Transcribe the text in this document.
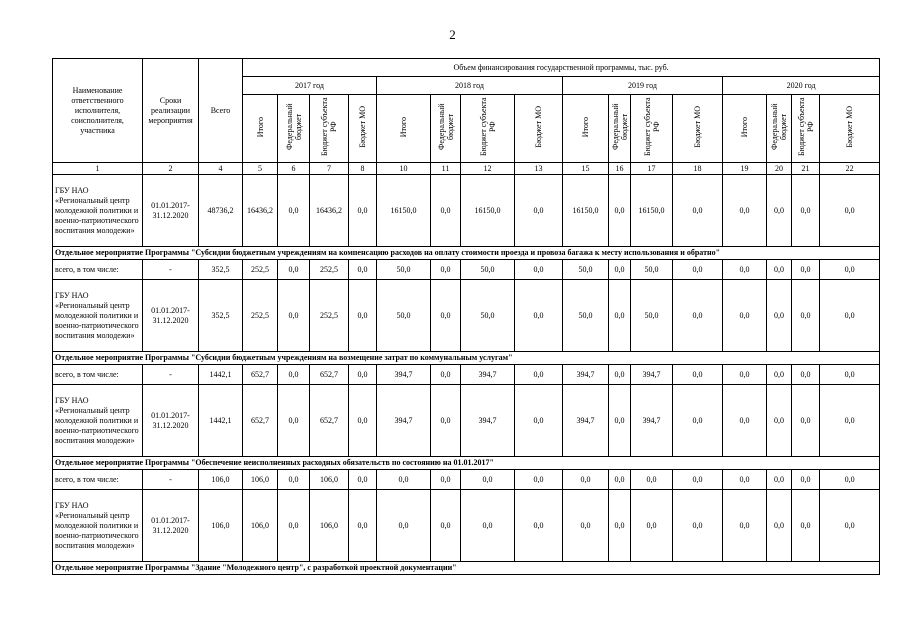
2
Наименование ответственного исполнителя, соисполнителя, участника	Сроки реализации мероприятия	Всего	Объем финансирования государственной программы, тыс. руб.															
			2017 год				2018 год				2019 год				2020 год			
			Итого	Федеральный бюджет	Бюджет субъекта РФ	Бюджет МО	Итого	Федеральный бюджет	Бюджет субъекта РФ	Бюджет МО	Итого	Федеральный бюджет	Бюджет субъекта РФ	Бюджет МО	Итого	Федеральный бюджет	Бюджет субъекта РФ	Бюджет МО
1	2	4	5	6	7	8	10	11	12	13	15	16	17	18	19	20	21	22
ГБУ НАО «Региональный центр молодежной политики и военно-патриотического воспитания молодежи»	01.01.2017-31.12.2020	48736,2	16436,2	0,0	16436,2	0,0	16150,0	0,0	16150,0	0,0	16150,0	0,0	16150,0	0,0	0,0	0,0	0,0	0,0
Отдельное мероприятие Программы "Субсидии бюджетным учреждениям на компенсацию расходов на оплату стоимости проезда и провоза багажа к месту использования и обратно"																		
всего, в том числе:	-	352,5	252,5	0,0	252,5	0,0	50,0	0,0	50,0	0,0	50,0	0,0	50,0	0,0	0,0	0,0	0,0	0,0
ГБУ НАО «Региональный центр молодежной политики и военно-патриотического воспитания молодежи»	01.01.2017-31.12.2020	352,5	252,5	0,0	252,5	0,0	50,0	0,0	50,0	0,0	50,0	0,0	50,0	0,0	0,0	0,0	0,0	0,0
Отдельное мероприятие Программы "Субсидии бюджетным учреждениям на возмещение затрат по коммунальным услугам"																		
всего, в том числе:	-	1442,1	652,7	0,0	652,7	0,0	394,7	0,0	394,7	0,0	394,7	0,0	394,7	0,0	0,0	0,0	0,0	0,0
ГБУ НАО «Региональный центр молодежной политики и военно-патриотического воспитания молодежи»	01.01.2017-31.12.2020	1442,1	652,7	0,0	652,7	0,0	394,7	0,0	394,7	0,0	394,7	0,0	394,7	0,0	0,0	0,0	0,0	0,0
Отдельное мероприятие Программы "Обеспечение неисполненных расходных обязательств по состоянию на 01.01.2017"																		
всего, в том числе:	-	106,0	106,0	0,0	106,0	0,0	0,0	0,0	0,0	0,0	0,0	0,0	0,0	0,0	0,0	0,0	0,0	0,0
ГБУ НАО «Региональный центр молодежной политики и военно-патриотического воспитания молодежи»	01.01.2017-31.12.2020	106,0	106,0	0,0	106,0	0,0	0,0	0,0	0,0	0,0	0,0	0,0	0,0	0,0	0,0	0,0	0,0	0,0
Отдельное мероприятие Программы "Здание "Молодежного центр", с разработкой проектной документации"																		
